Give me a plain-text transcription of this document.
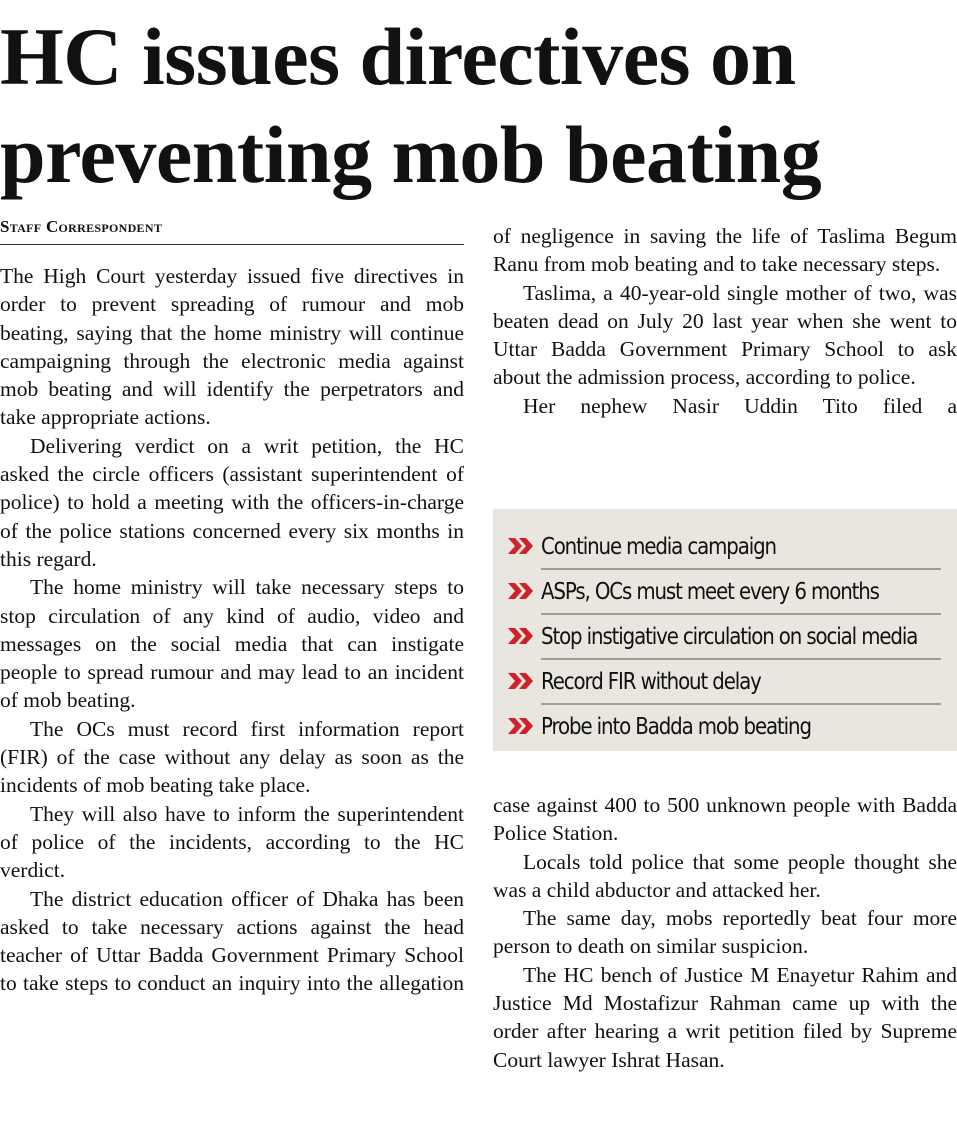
HC issues directives on
preventing mob beating
Staff Correspondent

The High Court yesterday issued five directives in order to prevent spreading of rumour and mob beating, saying that the home ministry will continue campaigning through the electronic media against mob beating and will identify the perpetrators and take appropriate actions.

Delivering verdict on a writ petition, the HC asked the circle officers (assistant superintendent of police) to hold a meeting with the officers-in-charge of the police stations concerned every six months in this regard.

The home ministry will take necessary steps to stop circulation of any kind of audio, video and messages on the social media that can instigate people to spread rumour and may lead to an incident of mob beating.

The OCs must record first information report (FIR) of the case without any delay as soon as the incidents of mob beating take place.

They will also have to inform the superintendent of police of the incidents, according to the HC verdict.

The district education officer of Dhaka has been asked to take necessary actions against the head teacher of Uttar Badda Government Primary School to take steps to conduct an inquiry into the allegation

of negligence in saving the life of Taslima Begum Ranu from mob beating and to take necessary steps.

Taslima, a 40-year-old single mother of two, was beaten dead on July 20 last year when she went to Uttar Badda Government Primary School to ask about the admission process, according to police.

Her nephew Nasir Uddin Tito filed a

Continue media campaign
ASPs, OCs must meet every 6 months
Stop instigative circulation on social media
Record FIR without delay
Probe into Badda mob beating

case against 400 to 500 unknown people with Badda Police Station.

Locals told police that some people thought she was a child abductor and attacked her.

The same day, mobs reportedly beat four more person to death on similar suspicion.

The HC bench of Justice M Enayetur Rahim and Justice Md Mostafizur Rahman came up with the order after hearing a writ petition filed by Supreme Court lawyer Ishrat Hasan.
